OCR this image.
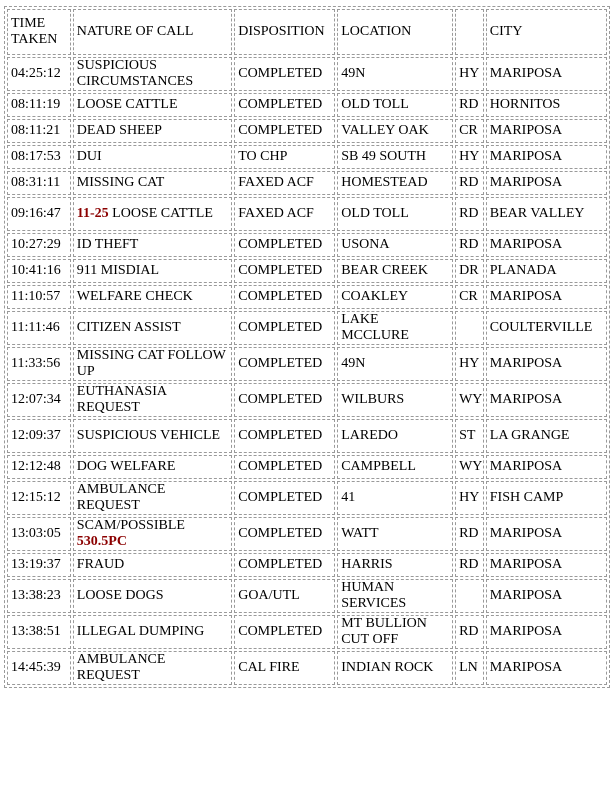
TIME TAKEN	NATURE OF CALL	DISPOSITION	LOCATION		CITY
04:25:12	SUSPICIOUS CIRCUMSTANCES	COMPLETED	49N	HY	MARIPOSA
08:11:19	LOOSE CATTLE	COMPLETED	OLD TOLL	RD	HORNITOS
08:11:21	DEAD SHEEP	COMPLETED	VALLEY OAK	CR	MARIPOSA
08:17:53	DUI	TO CHP	SB 49 SOUTH	HY	MARIPOSA
08:31:11	MISSING CAT	FAXED ACF	HOMESTEAD	RD	MARIPOSA
09:16:47	11-25 LOOSE CATTLE	FAXED ACF	OLD TOLL	RD	BEAR VALLEY
10:27:29	ID THEFT	COMPLETED	USONA	RD	MARIPOSA
10:41:16	911 MISDIAL	COMPLETED	BEAR CREEK	DR	PLANADA
11:10:57	WELFARE CHECK	COMPLETED	COAKLEY	CR	MARIPOSA
11:11:46	CITIZEN ASSIST	COMPLETED	LAKE MCCLURE		COULTERVILLE
11:33:56	MISSING CAT FOLLOW UP	COMPLETED	49N	HY	MARIPOSA
12:07:34	EUTHANASIA REQUEST	COMPLETED	WILBURS	WY	MARIPOSA
12:09:37	SUSPICIOUS VEHICLE	COMPLETED	LAREDO	ST	LA GRANGE
12:12:48	DOG WELFARE	COMPLETED	CAMPBELL	WY	MARIPOSA
12:15:12	AMBULANCE REQUEST	COMPLETED	41	HY	FISH CAMP
13:03:05	SCAM/POSSIBLE 530.5PC	COMPLETED	WATT	RD	MARIPOSA
13:19:37	FRAUD	COMPLETED	HARRIS	RD	MARIPOSA
13:38:23	LOOSE DOGS	GOA/UTL	HUMAN SERVICES		MARIPOSA
13:38:51	ILLEGAL DUMPING	COMPLETED	MT BULLION CUT OFF	RD	MARIPOSA
14:45:39	AMBULANCE REQUEST	CAL FIRE	INDIAN ROCK	LN	MARIPOSA
